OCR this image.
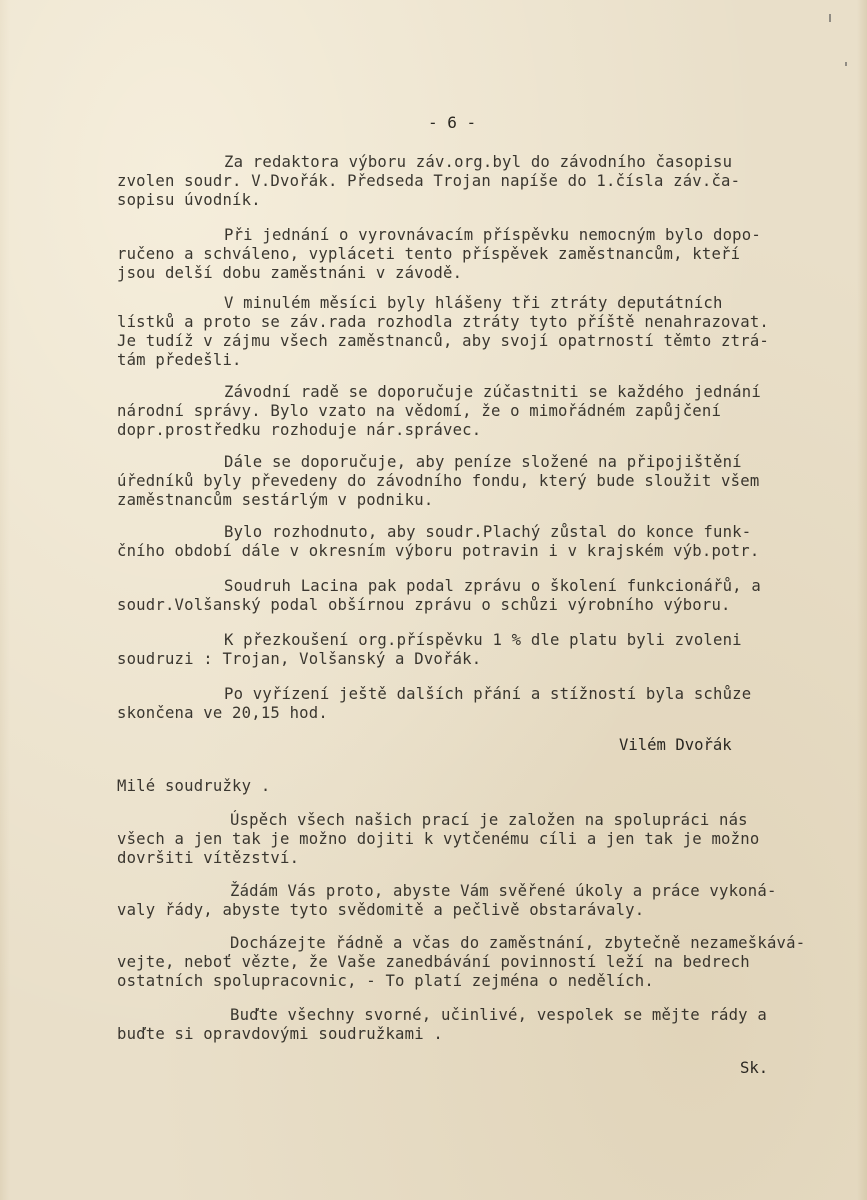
- 6 -
Za redaktora výboru záv.org.byl do závodního časopisu
zvolen soudr. V.Dvořák. Předseda Trojan napíše do 1.čísla záv.ča-
sopisu úvodník.
Při jednání o vyrovnávacím příspěvku nemocným bylo dopo-
ručeno a schváleno, vypláceti tento příspěvek zaměstnancům, kteří
jsou delší dobu zaměstnáni v závodě.
V minulém měsíci byly hlášeny tři ztráty deputátních
lístků a proto se záv.rada rozhodla ztráty tyto příště nenahrazovat.
Je tudíž v zájmu všech zaměstnanců, aby svojí opatrností těmto ztrá-
tám předešli.
Závodní radě se doporučuje zúčastniti se každého jednání
národní správy. Bylo vzato na vědomí, že o mimořádném zapůjčení
dopr.prostředku rozhoduje nár.správec.
Dále se doporučuje, aby peníze složené na připojištění
úředníků byly převedeny do závodního fondu, který bude sloužit všem
zaměstnancům sestárlým v podniku.
Bylo rozhodnuto, aby soudr.Plachý zůstal do konce funk-
čního období dále v okresním výboru potravin i v krajském výb.potr.
Soudruh Lacina pak podal zprávu o školení funkcionářů, a
soudr.Volšanský podal obšírnou zprávu o schůzi výrobního výboru.
K přezkoušení org.příspěvku 1 % dle platu byli zvoleni
soudruzi : Trojan, Volšanský a Dvořák.
Po vyřízení ještě dalších přání a stížností byla schůze
skončena ve 20,15 hod.
Vilém Dvořák
Milé soudružky .
Úspěch všech našich prací je založen na spolupráci nás
všech a jen tak je možno dojiti k vytčenému cíli a jen tak je možno
dovršiti vítězství.
Žádám Vás proto, abyste Vám svěřené úkoly a práce vykoná-
valy řády, abyste tyto svědomitě a pečlivě obstarávaly.
Docházejte řádně a včas do zaměstnání, zbytečně nezameškává-
vejte, neboť vězte, že Vaše zanedbávání povinností leží na bedrech
ostatních spolupracovnic, - To platí zejména o nedělích.
Buďte všechny svorné, učinlivé, vespolek se mějte rády a
buďte si opravdovými soudružkami .
Sk.
